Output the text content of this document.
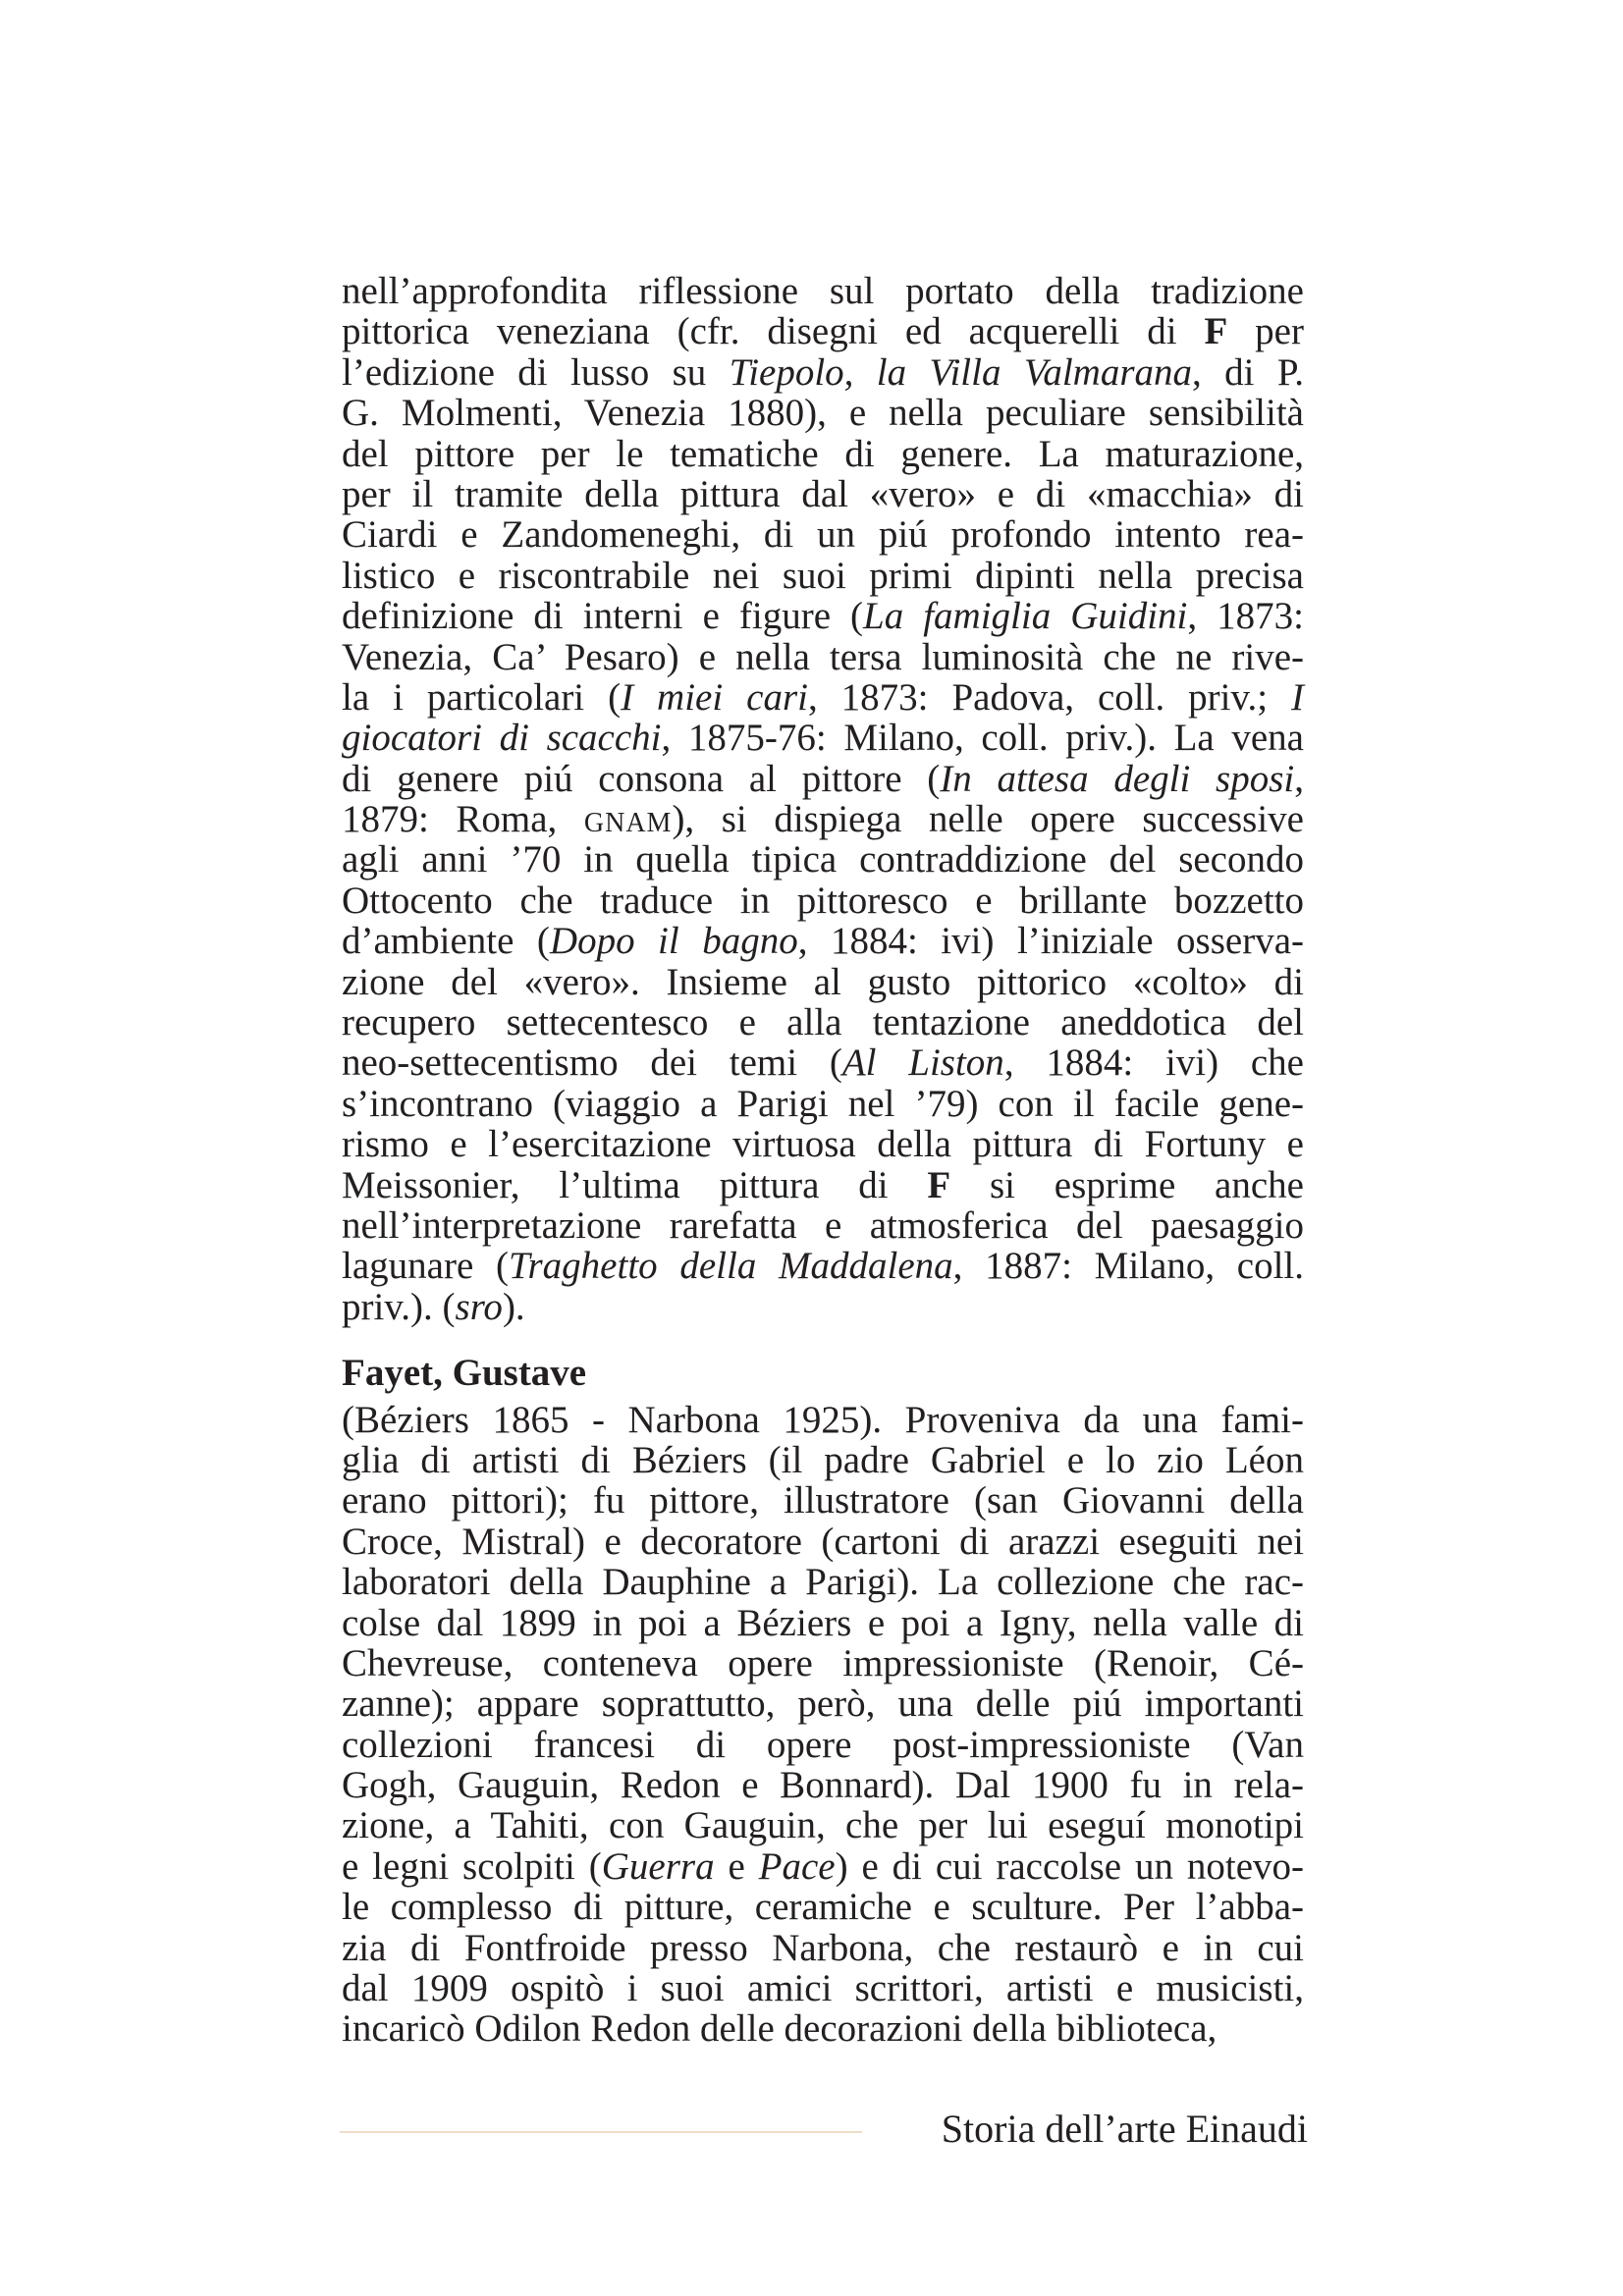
nell’approfondita riflessione sul portato della tradizione
pittorica veneziana (cfr. disegni ed acquerelli di F per
l’edizione di lusso su Tiepolo, la Villa Valmarana, di P.
G. Molmenti, Venezia 1880), e nella peculiare sensibilità
del pittore per le tematiche di genere. La maturazione,
per il tramite della pittura dal «vero» e di «macchia» di
Ciardi e Zandomeneghi, di un piú profondo intento rea-
listico e riscontrabile nei suoi primi dipinti nella precisa
definizione di interni e figure (La famiglia Guidini, 1873:
Venezia, Ca’ Pesaro) e nella tersa luminosità che ne rive-
la i particolari (I miei cari, 1873: Padova, coll. priv.; I
giocatori di scacchi, 1875-76: Milano, coll. priv.). La vena
di genere piú consona al pittore (In attesa degli sposi,
1879: Roma, GNAM), si dispiega nelle opere successive
agli anni ’70 in quella tipica contraddizione del secondo
Ottocento che traduce in pittoresco e brillante bozzetto
d’ambiente (Dopo il bagno, 1884: ivi) l’iniziale osserva-
zione del «vero». Insieme al gusto pittorico «colto» di
recupero settecentesco e alla tentazione aneddotica del
neo-settecentismo dei temi (Al Liston, 1884: ivi) che
s’incontrano (viaggio a Parigi nel ’79) con il facile gene-
rismo e l’esercitazione virtuosa della pittura di Fortuny e
Meissonier, l’ultima pittura di F si esprime anche
nell’interpretazione rarefatta e atmosferica del paesaggio
lagunare (Traghetto della Maddalena, 1887: Milano, coll.
priv.). (sro).
Fayet, Gustave
(Béziers 1865 - Narbona 1925). Proveniva da una fami-
glia di artisti di Béziers (il padre Gabriel e lo zio Léon
erano pittori); fu pittore, illustratore (san Giovanni della
Croce, Mistral) e decoratore (cartoni di arazzi eseguiti nei
laboratori della Dauphine a Parigi). La collezione che rac-
colse dal 1899 in poi a Béziers e poi a Igny, nella valle di
Chevreuse, conteneva opere impressioniste (Renoir, Cé-
zanne); appare soprattutto, però, una delle piú importanti
collezioni francesi di opere post-impressioniste (Van
Gogh, Gauguin, Redon e Bonnard). Dal 1900 fu in rela-
zione, a Tahiti, con Gauguin, che per lui eseguí monotipi
e legni scolpiti (Guerra e Pace) e di cui raccolse un notevo-
le complesso di pitture, ceramiche e sculture. Per l’abba-
zia di Fontfroide presso Narbona, che restaurò e in cui
dal 1909 ospitò i suoi amici scrittori, artisti e musicisti,
incaricò Odilon Redon delle decorazioni della biblioteca,
Storia dell’arte Einaudi
